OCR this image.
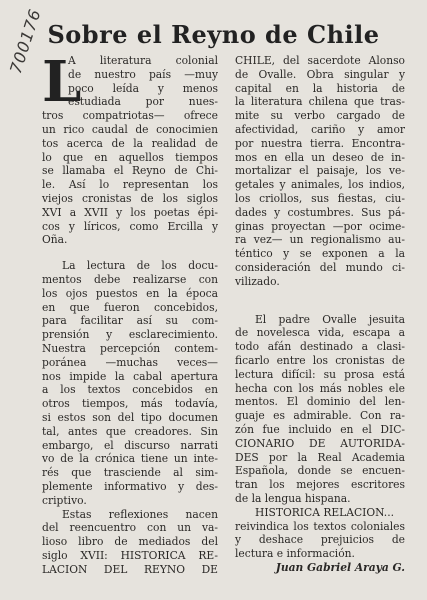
700176 Sobre el Reyno de Chile
L
A literatura colonial
de nuestro país —muy
poco leída y menos
estudiada por nues-
tros compatriotas— ofrece
un rico caudal de conocimien
tos acerca de la realidad de
lo que en aquellos tiempos
se llamaba el Reyno de Chi-
le. Así lo representan los
viejos cronistas de los siglos
XVI a XVII y los poetas épi-
cos y líricos, como Ercilla y
Oña.
La lectura de los docu-
mentos debe realizarse con
los ojos puestos en la época
en que fueron concebidos,
para facilitar así su com-
prensión y esclarecimiento.
Nuestra percepción contem-
poránea —muchas veces—
nos impide la cabal apertura
a los textos concebidos en
otros tiempos, más todavía,
si estos son del tipo documen
tal, antes que creadores. Sin
embargo, el discurso narrati
vo de la crónica tiene un inte-
rés que trasciende al sim-
plemente informativo y des-
criptivo.
Estas reflexiones nacen
del reencuentro con un va-
lioso libro de mediados del
siglo XVII: HISTORICA RE-
LACION DEL REYNO DE
CHILE, del sacerdote Alonso
de Ovalle. Obra singular y
capital en la historia de
la literatura chilena que tras-
mite su verbo cargado de
afectividad, cariño y amor
por nuestra tierra. Encontra-
mos en ella un deseo de in-
mortalizar el paisaje, los ve-
getales y animales, los indios,
los criollos, sus fiestas, ciu-
dades y costumbres. Sus pá-
ginas proyectan —por ocime-
ra vez— un regionalismo au-
téntico y se exponen a la
consideración del mundo ci-
vilizado.
El padre Ovalle jesuita
de novelesca vida, escapa a
todo afán destinado a clasi-
ficarlo entre los cronistas de
lectura difícil: su prosa está
hecha con los más nobles ele
mentos. El dominio del len-
guaje es admirable. Con ra-
zón fue incluido en el DIC-
CIONARIO DE AUTORIDA-
DES por la Real Academia
Española, donde se encuen-
tran los mejores escritores
de la lengua hispana.
HISTORICA RELACION...
reivindica los textos coloniales
y deshace prejuicios de
lectura e información.
Juan Gabriel Araya G.
